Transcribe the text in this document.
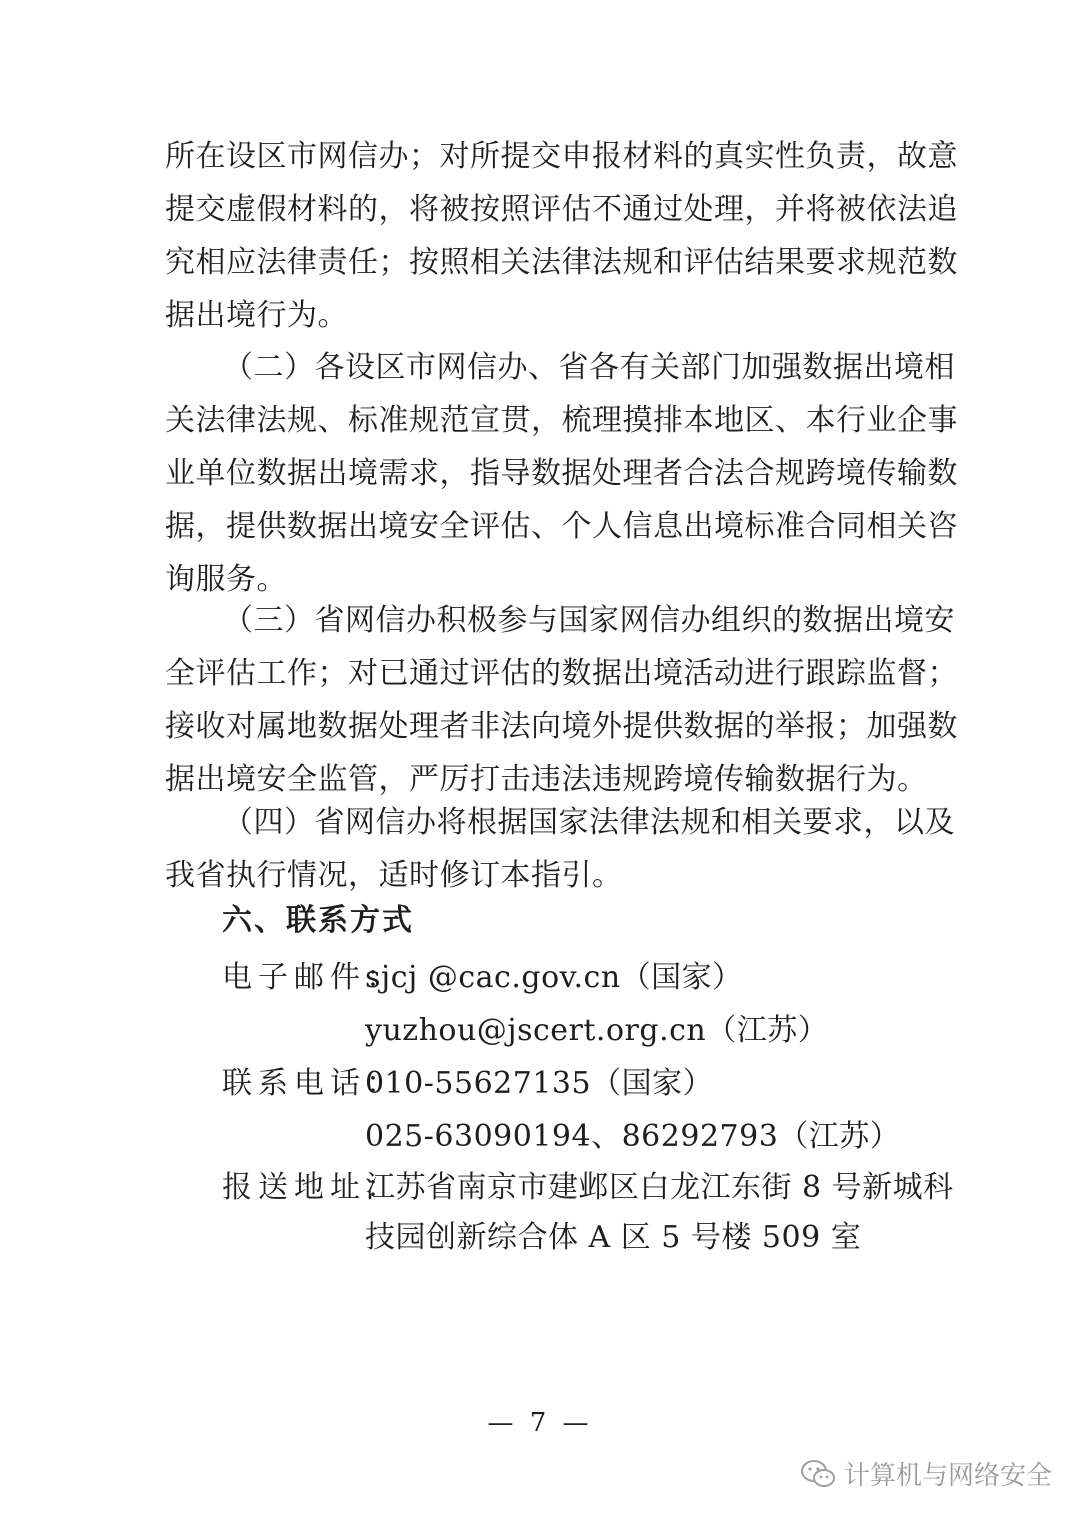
所在设区市网信办；对所提交申报材料的真实性负责，故意
提交虚假材料的，将被按照评估不通过处理，并将被依法追
究相应法律责任；按照相关法律法规和评估结果要求规范数
据出境行为。
（二）各设区市网信办、省各有关部门加强数据出境相
关法律法规、标准规范宣贯，梳理摸排本地区、本行业企事
业单位数据出境需求，指导数据处理者合法合规跨境传输数
据，提供数据出境安全评估、个人信息出境标准合同相关咨
询服务。
（三）省网信办积极参与国家网信办组织的数据出境安
全评估工作；对已通过评估的数据出境活动进行跟踪监督；
接收对属地数据处理者非法向境外提供数据的举报；加强数
据出境安全监管，严厉打击违法违规跨境传输数据行为。
（四）省网信办将根据国家法律法规和相关要求，以及
我省执行情况，适时修订本指引。
六、联系方式
电子邮件：
sjcj @cac.gov.cn（国家）
yuzhou@jscert.org.cn（江苏）
联系电话：
010-55627135（国家）
025-63090194、86292793（江苏）
报送地址：
江苏省南京市建邺区白龙江东街 8 号新城科
技园创新综合体 A 区 5 号楼 509 室
— 7 —
计算机与网络安全
